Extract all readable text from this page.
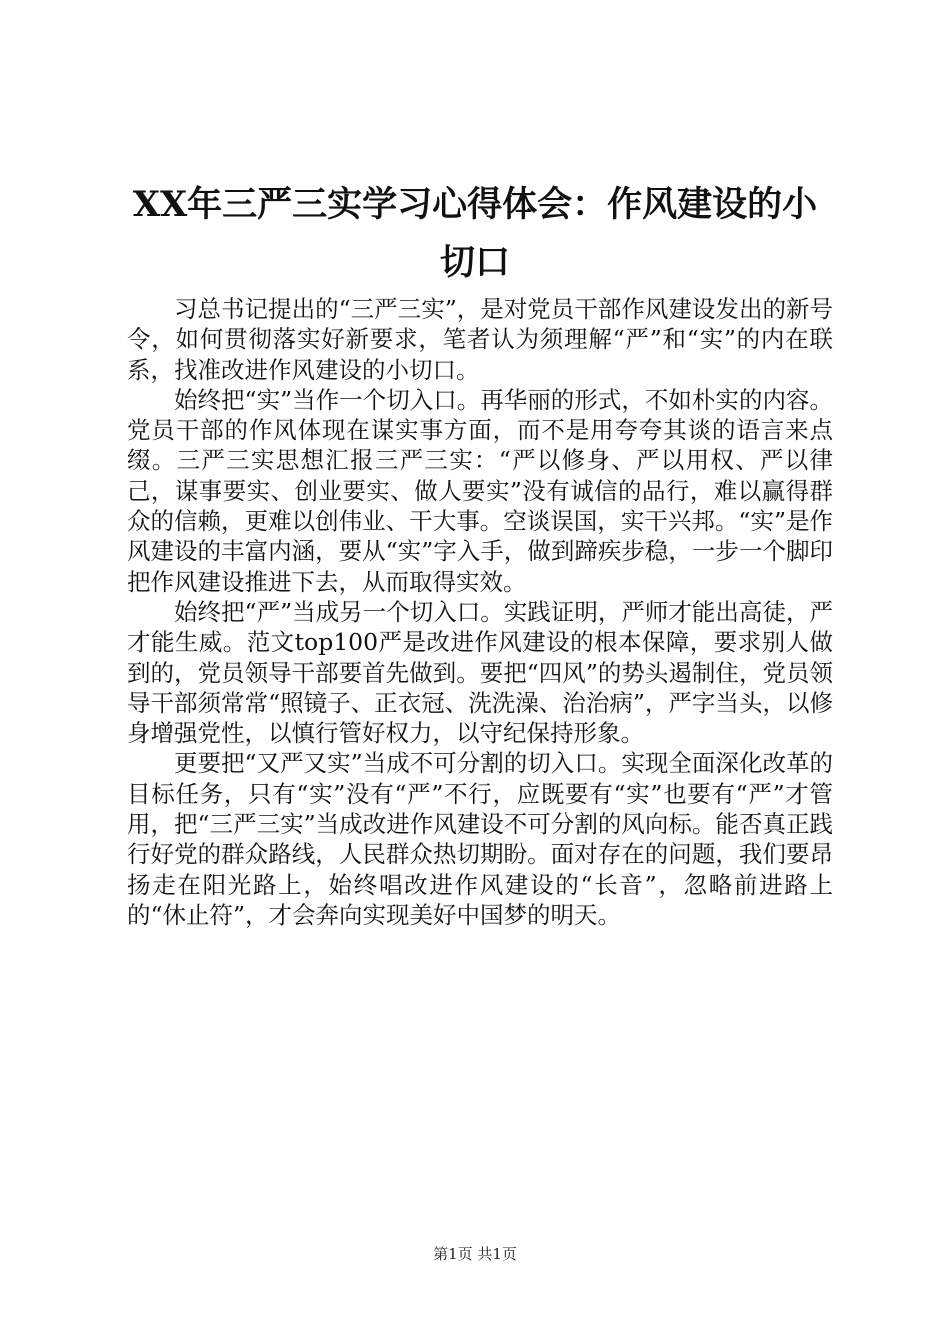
XX年三严三实学习心得体会：作风建设的小切口

习总书记提出的“三严三实”，是对党员干部作风建设发出的新号令，如何贯彻落实好新要求，笔者认为须理解“严”和“实”的内在联系，找准改进作风建设的小切口。

始终把“实”当作一个切入口。再华丽的形式，不如朴实的内容。党员干部的作风体现在谋实事方面，而不是用夸夸其谈的语言来点缀。三严三实思想汇报三严三实：“严以修身、严以用权、严以律己，谋事要实、创业要实、做人要实”没有诚信的品行，难以赢得群众的信赖，更难以创伟业、干大事。空谈误国，实干兴邦。“实”是作风建设的丰富内涵，要从“实”字入手，做到蹄疾步稳，一步一个脚印把作风建设推进下去，从而取得实效。

始终把“严”当成另一个切入口。实践证明，严师才能出高徒，严才能生威。范文top100严是改进作风建设的根本保障，要求别人做到的，党员领导干部要首先做到。要把“四风”的势头遏制住，党员领导干部须常常“照镜子、正衣冠、洗洗澡、治治病”，严字当头，以修身增强党性，以慎行管好权力，以守纪保持形象。

更要把“又严又实”当成不可分割的切入口。实现全面深化改革的目标任务，只有“实”没有“严”不行，应既要有“实”也要有“严”才管用，把“三严三实”当成改进作风建设不可分割的风向标。能否真正践行好党的群众路线，人民群众热切期盼。面对存在的问题，我们要昂扬走在阳光路上，始终唱改进作风建设的“长音”，忽略前进路上的“休止符”，才会奔向实现美好中国梦的明天。

第1页 共1页
